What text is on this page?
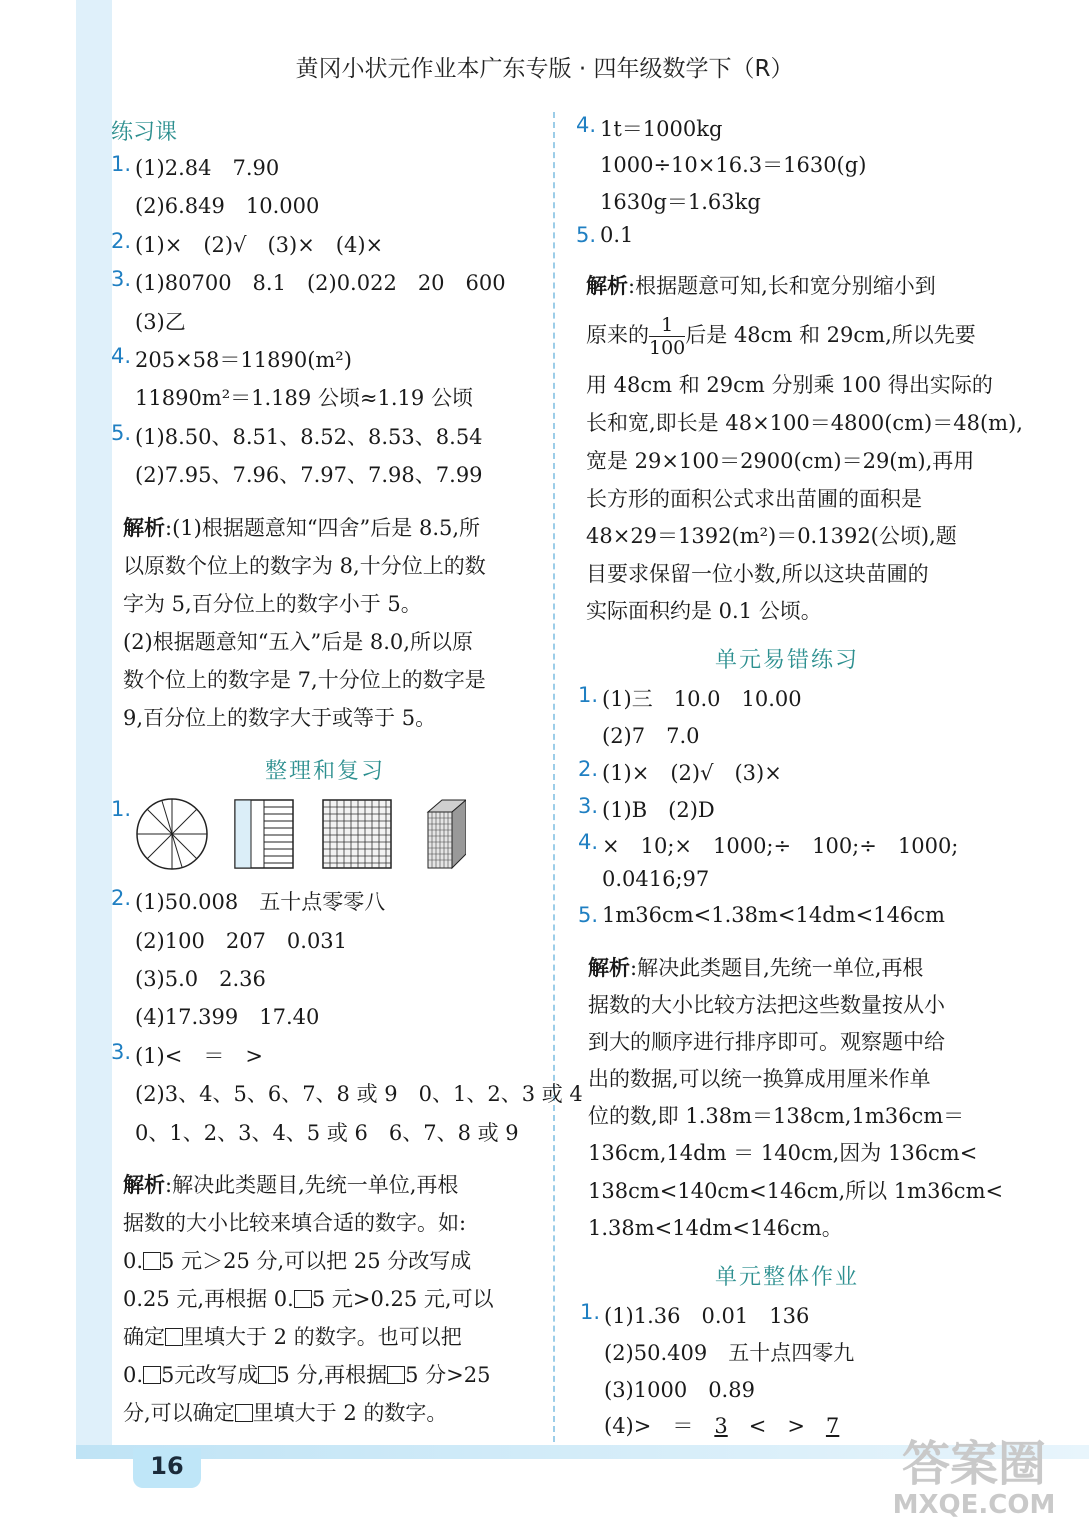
黄冈小状元作业本广东专版 · 四年级数学下（R）
练习课
1. (1)2.84　7.90
(2)6.849　10.000
2. (1)×　(2)√　(3)×　(4)×
3. (1)80700　8.1　(2)0.022　20　600
(3)乙
4. 205×58＝11890(m²)
11890m²＝1.189 公顷≈1.19 公顷
5. (1)8.50、8.51、8.52、8.53、8.54
(2)7.95、7.96、7.97、7.98、7.99
解析:(1)根据题意知“四舍”后是 8.5,所
以原数个位上的数字为 8,十分位上的数
字为 5,百分位上的数字小于 5。
(2)根据题意知“五入”后是 8.0,所以原
数个位上的数字是 7,十分位上的数字是
9,百分位上的数字大于或等于 5。
整理和复习
1.
2. (1)50.008　五十点零零八
(2)100　207　0.031
(3)5.0　2.36
(4)17.399　17.40
3. (1)<　＝　>
(2)3、4、5、6、7、8 或 9　0、1、2、3 或 4
0、1、2、3、4、5 或 6　6、7、8 或 9
解析:解决此类题目,先统一单位,再根
据数的大小比较来填合适的数字。如:
0. 5 元＞25 分,可以把 25 分改写成
0.25 元,再根据 0. 5 元>0.25 元,可以
确定 里填大于 2 的数字。也可以把
0. 5元改写成 5 分,再根据 5 分>25
分,可以确定 里填大于 2 的数字。
4. 1t＝1000kg
1000÷10×16.3＝1630(g)
1630g＝1.63kg
5. 0.1
解析:根据题意可知,长和宽分别缩小到
原来的 $\frac{1}{100}$ 后是 48cm 和 29cm,所以先要
用 48cm 和 29cm 分别乘 100 得出实际的
长和宽,即长是 48×100＝4800(cm)＝48(m),
宽是 29×100＝2900(cm)＝29(m),再用
长方形的面积公式求出苗圃的面积是
48×29＝1392(m²)＝0.1392(公顷),题
目要求保留一位小数,所以这块苗圃的
实际面积约是 0.1 公顷。
单元易错练习
1. (1)三　10.0　10.00
(2)7　7.0
2. (1)×　(2)√　(3)×
3. (1)B　(2)D
4. ×　10;×　1000;÷　100;÷　1000;
0.0416;97
5. 1m36cm<1.38m<14dm<146cm
解析:解决此类题目,先统一单位,再根
据数的大小比较方法把这些数量按从小
到大的顺序进行排序即可。观察题中给
出的数据,可以统一换算成用厘米作单
位的数,即 1.38m＝138cm,1m36cm＝
136cm,14dm ＝ 140cm,因为 136cm<
138cm<140cm<146cm,所以 1m36cm<
1.38m<14dm<146cm。
单元整体作业
1. (1)1.36　0.01　136
(2)50.409　五十点四零九
(3)1000　0.89
(4)>　＝　3　<　>　7
16	答案圈
MXQE.COM
